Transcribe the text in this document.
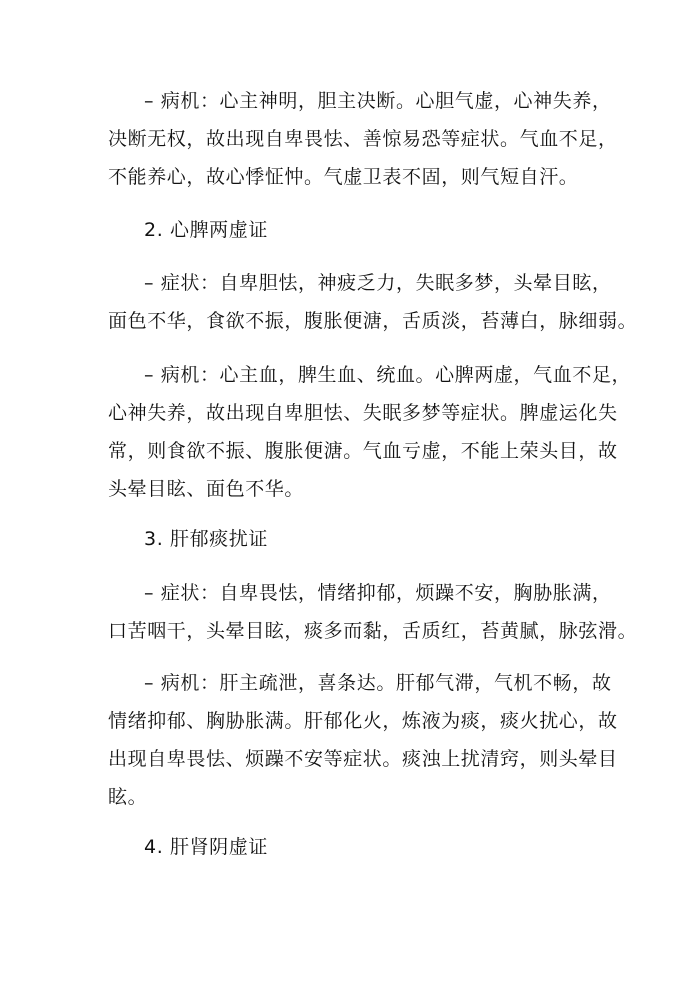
– 病机：心主神明，胆主决断。心胆气虚，心神失养，
决断无权，故出现自卑畏怯、善惊易恐等症状。气血不足，
不能养心，故心悸怔忡。气虚卫表不固，则气短自汗。
2. 心脾两虚证
– 症状：自卑胆怯，神疲乏力，失眠多梦，头晕目眩，
面色不华，食欲不振，腹胀便溏，舌质淡，苔薄白，脉细弱。
– 病机：心主血，脾生血、统血。心脾两虚，气血不足，
心神失养，故出现自卑胆怯、失眠多梦等症状。脾虚运化失
常，则食欲不振、腹胀便溏。气血亏虚，不能上荣头目，故
头晕目眩、面色不华。
3. 肝郁痰扰证
– 症状：自卑畏怯，情绪抑郁，烦躁不安，胸胁胀满，
口苦咽干，头晕目眩，痰多而黏，舌质红，苔黄腻，脉弦滑。
– 病机：肝主疏泄，喜条达。肝郁气滞，气机不畅，故
情绪抑郁、胸胁胀满。肝郁化火，炼液为痰，痰火扰心，故
出现自卑畏怯、烦躁不安等症状。痰浊上扰清窍，则头晕目
眩。
4. 肝肾阴虚证
